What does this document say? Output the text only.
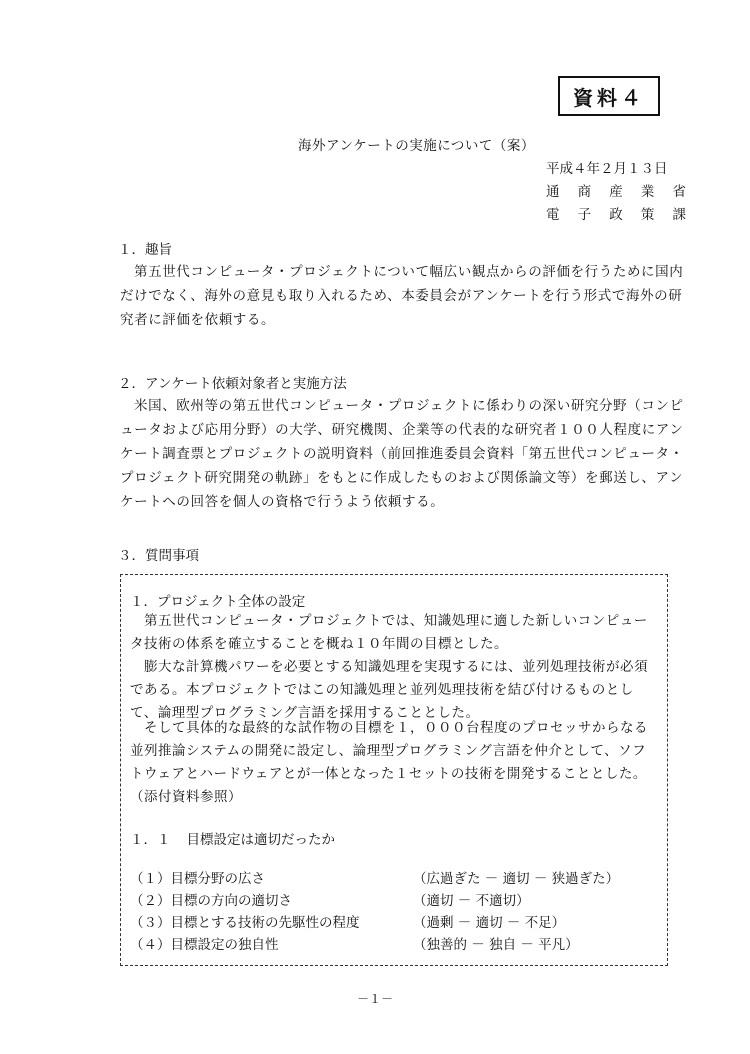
資料４
海外アンケートの実施について（案）
平成４年２月１３日
通 商 産 業 省
電 子 政 策 課
１．趣旨

第五世代コンピュータ・プロジェクトについて幅広い観点からの評価を行うために国内だけでなく、海外の意見も取り入れるため、本委員会がアンケートを行う形式で海外の研究者に評価を依頼する。

２．アンケート依頼対象者と実施方法

米国、欧州等の第五世代コンピュータ・プロジェクトに係わりの深い研究分野（コンピュータおよび応用分野）の大学、研究機関、企業等の代表的な研究者１００人程度にアンケート調査票とプロジェクトの説明資料（前回推進委員会資料「第五世代コンピュータ・プロジェクト研究開発の軌跡」をもとに作成したものおよび関係論文等）を郵送し、アンケートへの回答を個人の資格で行うよう依頼する。

３．質問事項
１．プロジェクト全体の設定

第五世代コンピュータ・プロジェクトでは、知識処理に適した新しいコンピュータ技術の体系を確立することを概ね１０年間の目標とした。

膨大な計算機パワーを必要とする知識処理を実現するには、並列処理技術が必須である。本プロジェクトではこの知識処理と並列処理技術を結び付けるものとして、論理型プログラミング言語を採用することとした。

そして具体的な最終的な試作物の目標を１，０００台程度のプロセッサからなる並列推論システムの開発に設定し、論理型プログラミング言語を仲介として、ソフトウェアとハードウェアとが一体となった１セットの技術を開発することとした。（添付資料参照）

１．１ 目標設定は適切だったか
（１）目標分野の広さ	（広過ぎた － 適切 － 狭過ぎた）
（２）目標の方向の適切さ	（適切 － 不適切）
（３）目標とする技術の先駆性の程度	（過剰 － 適切 － 不足）
（４）目標設定の独自性	（独善的 － 独自 － 平凡）
－１－
